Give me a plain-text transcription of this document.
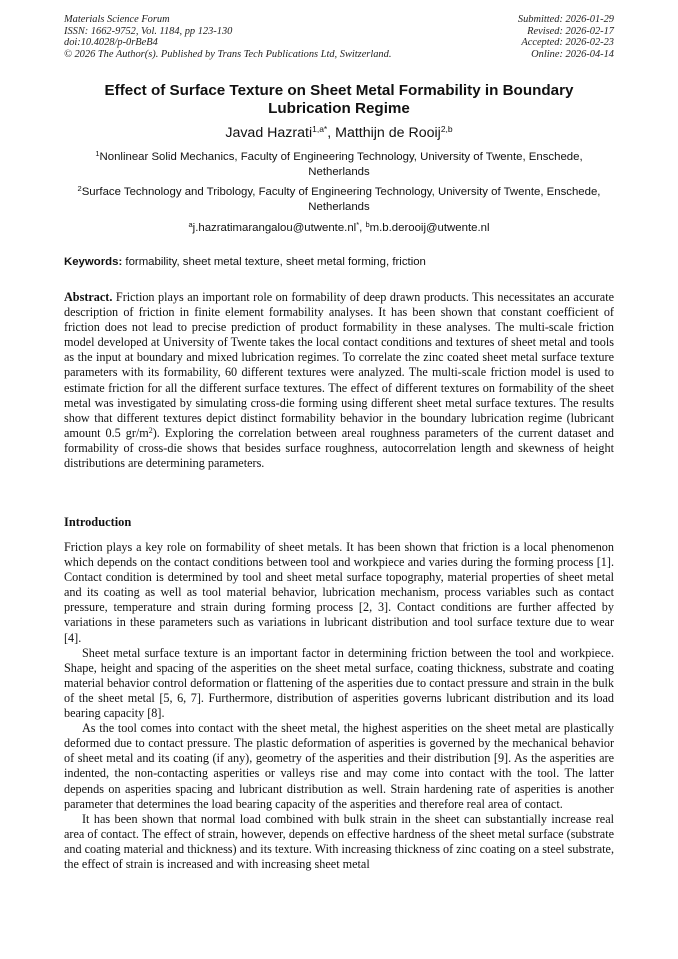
Materials Science Forum
ISSN: 1662-9752, Vol. 1184, pp 123-130
doi:10.4028/p-0rBeB4
© 2026 The Author(s). Published by Trans Tech Publications Ltd, Switzerland.
Submitted: 2026-01-29
Revised: 2026-02-17
Accepted: 2026-02-23
Online: 2026-04-14
Effect of Surface Texture on Sheet Metal Formability in Boundary Lubrication Regime
Javad Hazrati$^{1,a*}$, Matthijn de Rooij$^{2,b}$
$^1$Nonlinear Solid Mechanics, Faculty of Engineering Technology, University of Twente, Enschede, Netherlands
$^2$Surface Technology and Tribology, Faculty of Engineering Technology, University of Twente, Enschede, Netherlands
$^a$j.hazratimarangalou@utwente.nl*, $^b$m.b.derooij@utwente.nl
Keywords: formability, sheet metal texture, sheet metal forming, friction
Abstract. Friction plays an important role on formability of deep drawn products. This necessitates an accurate description of friction in finite element formability analyses. It has been shown that constant coefficient of friction does not lead to precise prediction of product formability in these analyses. The multi-scale friction model developed at University of Twente takes the local contact conditions and textures of sheet metal and tools as the input at boundary and mixed lubrication regimes. To correlate the zinc coated sheet metal surface texture parameters with its formability, 60 different textures were analyzed. The multi-scale friction model is used to estimate friction for all the different surface textures. The effect of different textures on formability of the sheet metal was investigated by simulating cross-die forming using different sheet metal surface textures. The results show that different textures depict distinct formability behavior in the boundary lubrication regime (lubricant amount 0.5 $gr/m^2$). Exploring the correlation between areal roughness parameters of the current dataset and formability of cross-die shows that besides surface roughness, autocorrelation length and skewness of height distributions are determining parameters.
Introduction

Friction plays a key role on formability of sheet metals. It has been shown that friction is a local phenomenon which depends on the contact conditions between tool and workpiece and varies during the forming process [1]. Contact condition is determined by tool and sheet metal surface topography, material properties of sheet metal and its coating as well as tool material behavior, lubrication mechanism, process variables such as contact pressure, temperature and strain during forming process [2, 3]. Contact conditions are further affected by variations in these parameters such as variations in lubricant distribution and tool surface texture due to wear [4].

Sheet metal surface texture is an important factor in determining friction between the tool and workpiece. Shape, height and spacing of the asperities on the sheet metal surface, coating thickness, substrate and coating material behavior control deformation or flattening of the asperities due to contact pressure and strain in the bulk of the sheet metal [5, 6, 7]. Furthermore, distribution of asperities governs lubricant distribution and its load bearing capacity [8].

As the tool comes into contact with the sheet metal, the highest asperities on the sheet metal are plastically deformed due to contact pressure. The plastic deformation of asperities is governed by the mechanical behavior of sheet metal and its coating (if any), geometry of the asperities and their distribution [9]. As the asperities are indented, the non-contacting asperities or valleys rise and may come into contact with the tool. The latter depends on asperities spacing and lubricant distribution as well. Strain hardening rate of asperities is another parameter that determines the load bearing capacity of the asperities and therefore real area of contact.

It has been shown that normal load combined with bulk strain in the sheet can substantially increase real area of contact. The effect of strain, however, depends on effective hardness of the sheet metal surface (substrate and coating material and thickness) and its texture. With increasing thickness of zinc coating on a steel substrate, the effect of strain is increased and with increasing sheet metal
